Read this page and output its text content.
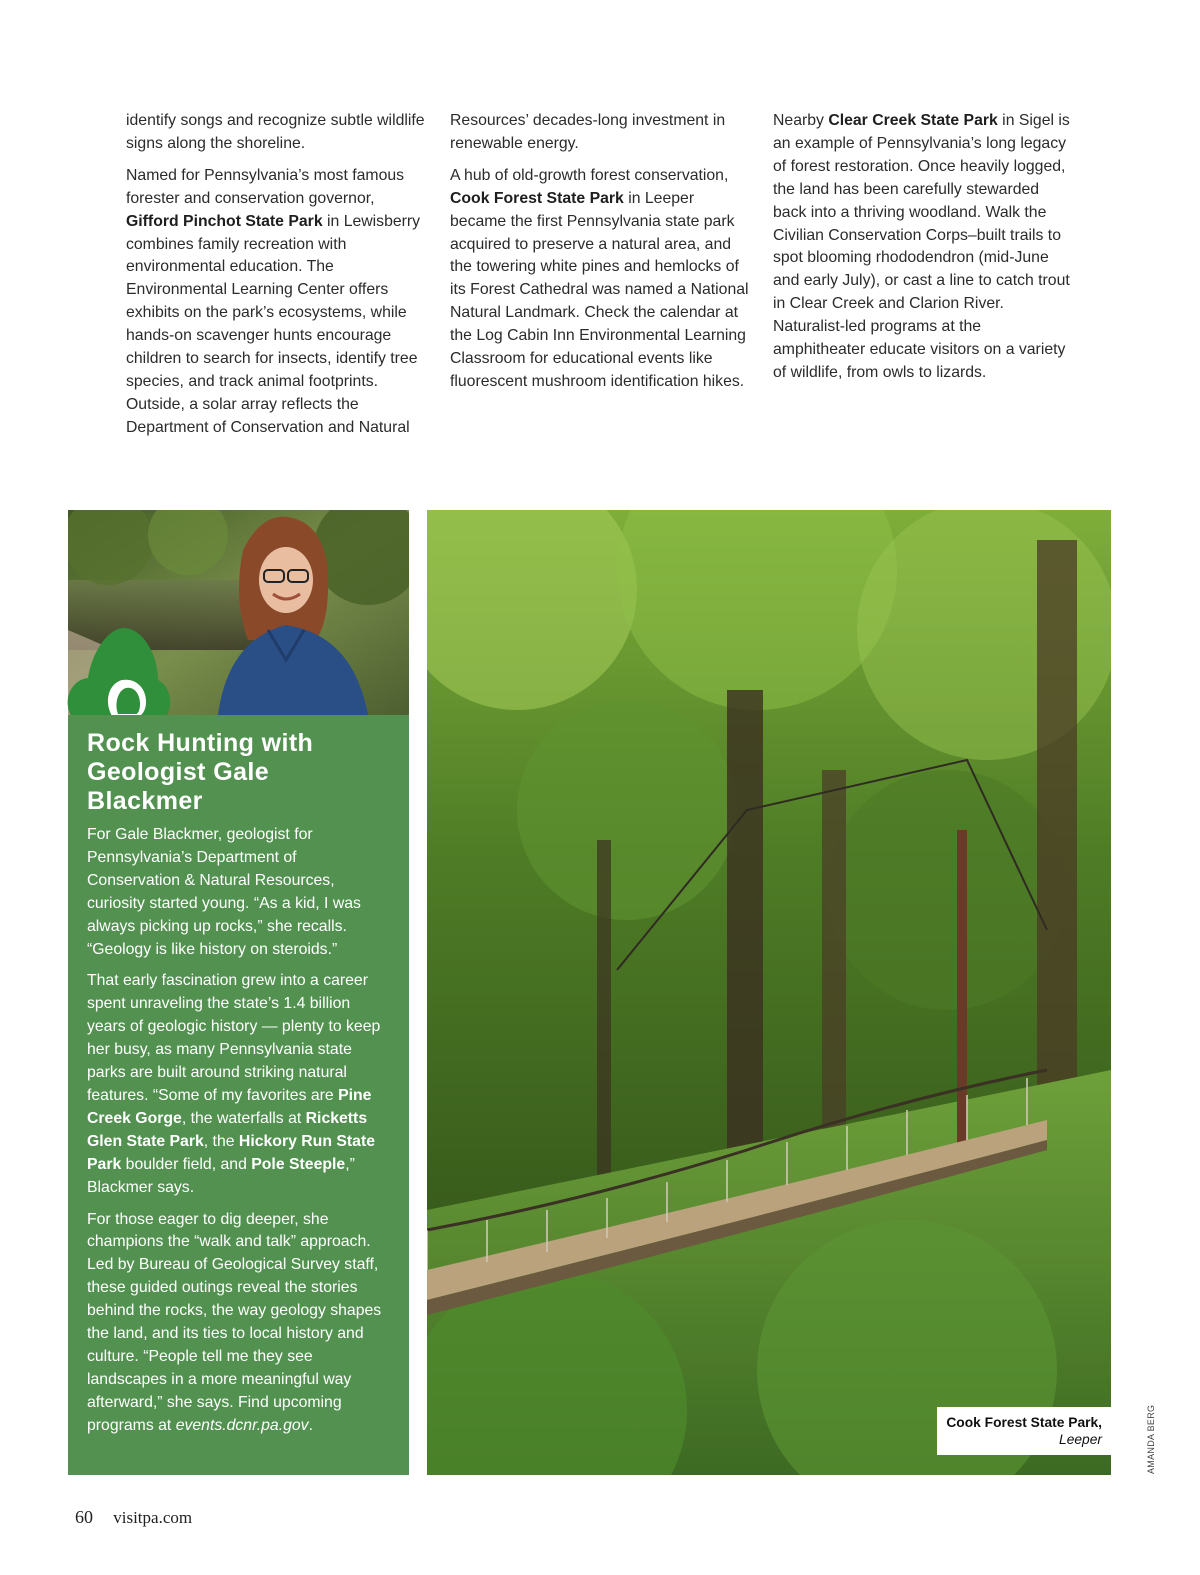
identify songs and recognize subtle wildlife signs along the shoreline.

Named for Pennsylvania’s most famous forester and conservation governor, Gifford Pinchot State Park in Lewisberry combines family recreation with environmental education. The Environmental Learning Center offers exhibits on the park’s ecosystems, while hands-on scavenger hunts encourage children to search for insects, identify tree species, and track animal footprints. Outside, a solar array reflects the Department of Conservation and Natural

Resources’ decades-long investment in renewable energy.

A hub of old-growth forest conservation, Cook Forest State Park in Leeper became the first Pennsylvania state park acquired to preserve a natural area, and the towering white pines and hemlocks of its Forest Cathedral was named a National Natural Landmark. Check the calendar at the Log Cabin Inn Environmental Learning Classroom for educational events like fluorescent mushroom identification hikes.

Nearby Clear Creek State Park in Sigel is an example of Pennsylvania’s long legacy of forest restoration. Once heavily logged, the land has been carefully stewarded back into a thriving woodland. Walk the Civilian Conservation Corps–built trails to spot blooming rhododendron (mid-June and early July), or cast a line to catch trout in Clear Creek and Clarion River. Naturalist-led programs at the amphitheater educate visitors on a variety of wildlife, from owls to lizards.

Rock Hunting with Geologist Gale Blackmer

For Gale Blackmer, geologist for Pennsylvania’s Department of Conservation & Natural Resources, curiosity started young. “As a kid, I was always picking up rocks,” she recalls. “Geology is like history on steroids.”

That early fascination grew into a career spent unraveling the state’s 1.4 billion years of geologic history — plenty to keep her busy, as many Pennsylvania state parks are built around striking natural features. “Some of my favorites are Pine Creek Gorge, the waterfalls at Ricketts Glen State Park, the Hickory Run State Park boulder field, and Pole Steeple,” Blackmer says.

For those eager to dig deeper, she champions the “walk and talk” approach. Led by Bureau of Geological Survey staff, these guided outings reveal the stories behind the rocks, the way geology shapes the land, and its ties to local history and culture. “People tell me they see landscapes in a more meaningful way afterward,” she says. Find upcoming programs at events.dcnr.pa.gov.	Cook Forest State Park,
Leeper	AMANDA BERG
60 visitpa.com
